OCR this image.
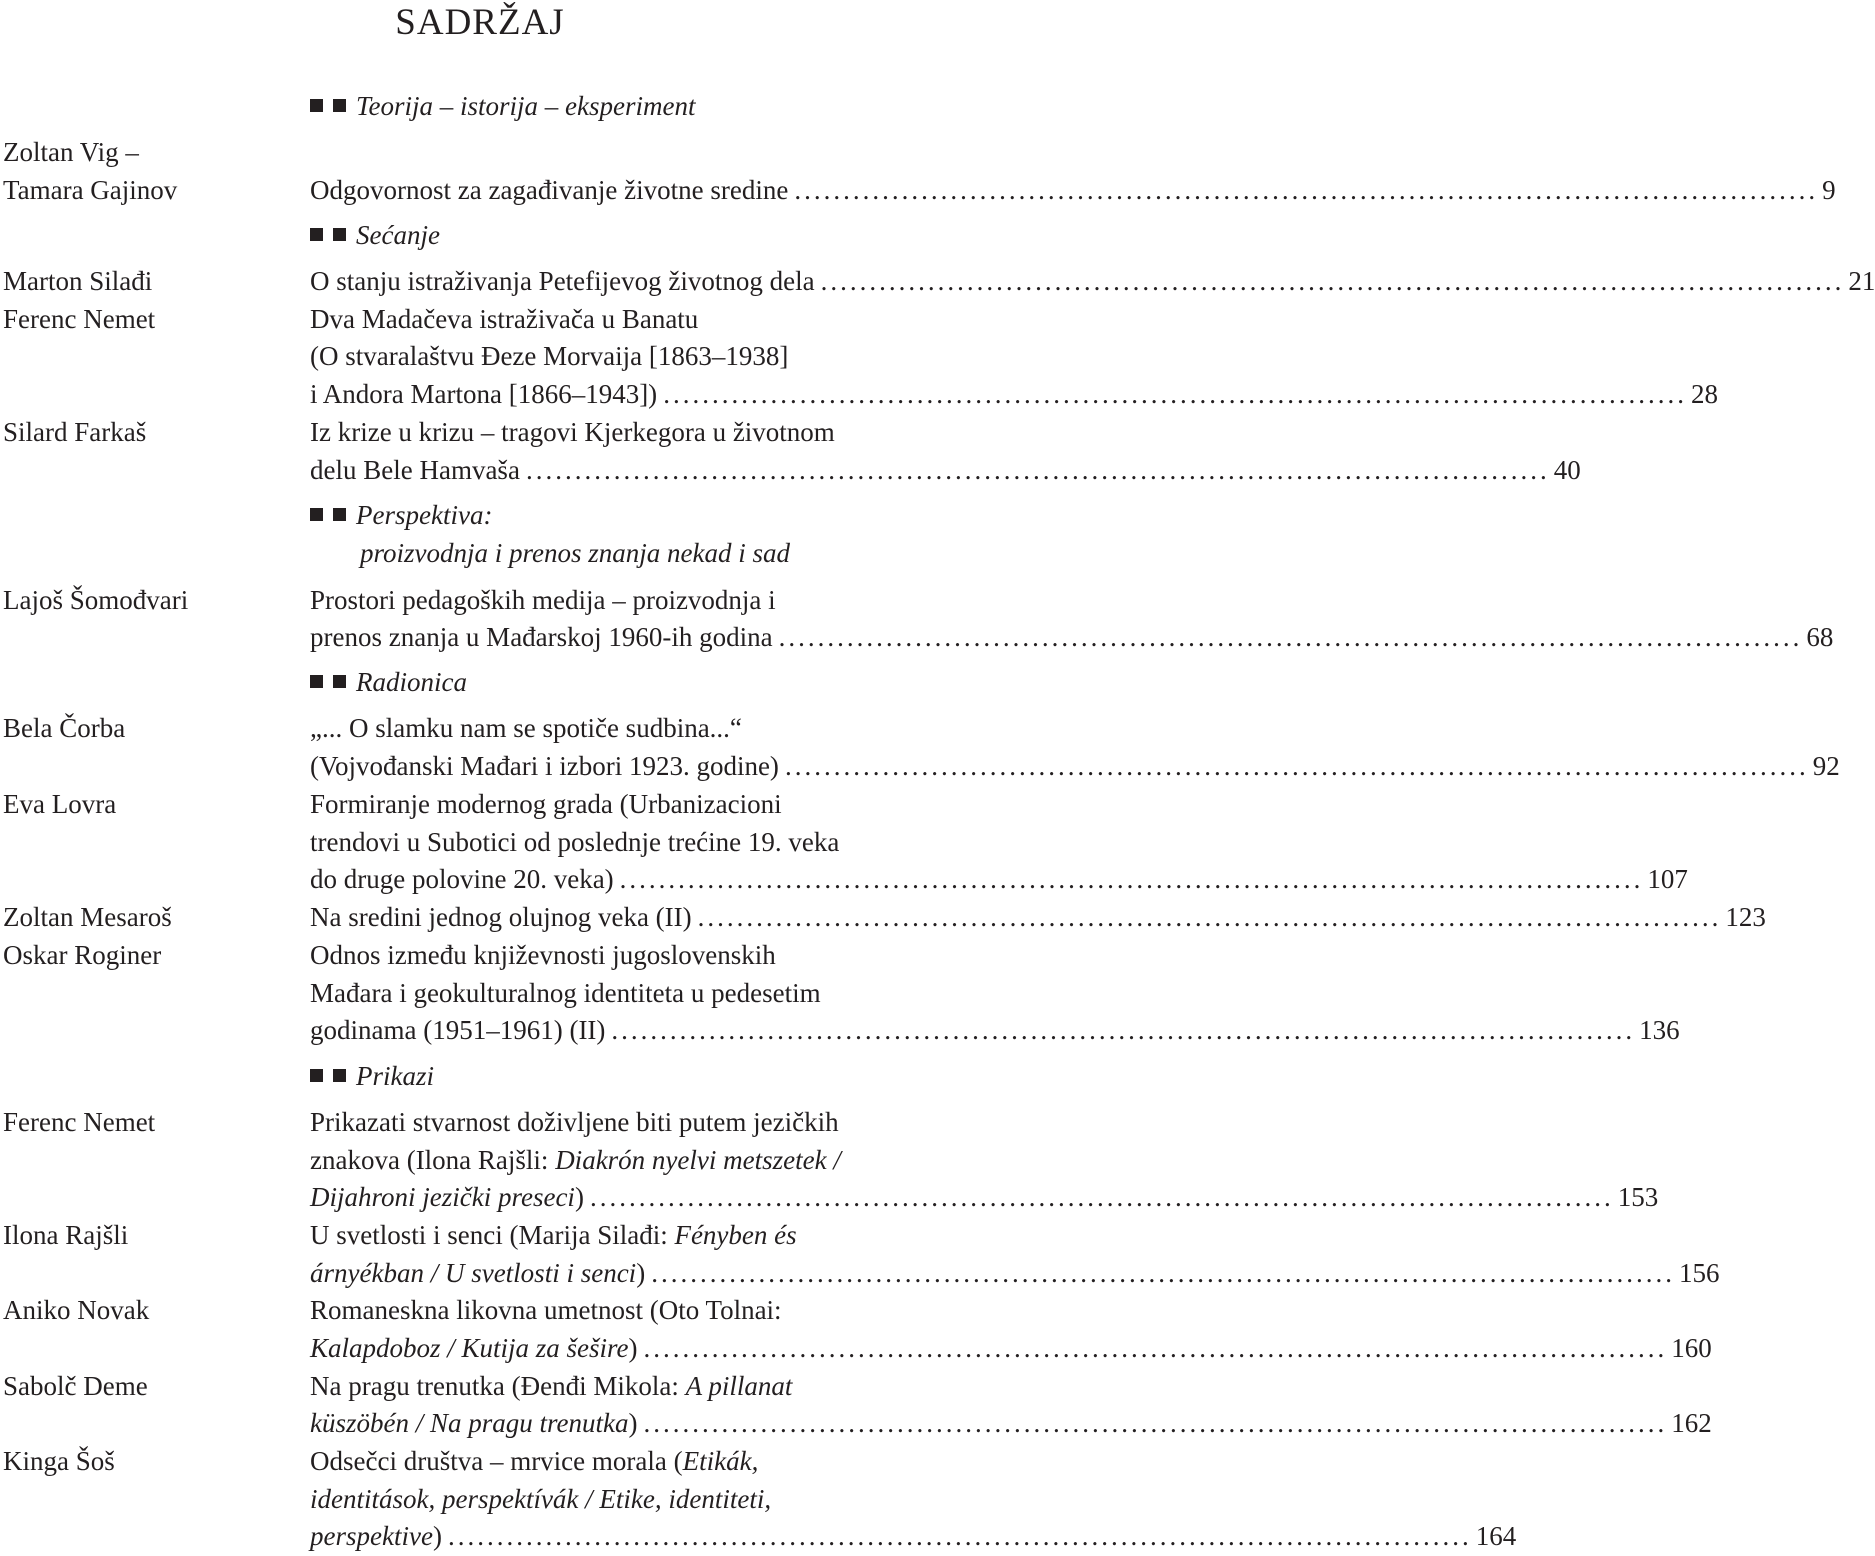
SADRŽAJ
Teorija – istorija – eksperiment
Zoltan Vig –
Tamara Gajinov	Odgovornost za zagađivanje životne sredine ......................................................................................................... 9
Sećanje
Marton Silađi	O stanju istraživanja Petefijevog životnog dela ......................................................................................................... 21
Ferenc Nemet	Dva Madačeva istraživača u Banatu
(O stvaralaštvu Đeze Morvaija [1863–1938]
i Andora Martona [1866–1943]) ......................................................................................................... 28
Silard Farkaš	Iz krize u krizu – tragovi Kjerkegora u životnom
delu Bele Hamvaša ......................................................................................................... 40
Perspektiva:
proizvodnja i prenos znanja nekad i sad
Lajoš Šomođvari	Prostori pedagoških medija – proizvodnja i
prenos znanja u Mađarskoj 1960-ih godina ......................................................................................................... 68
Radionica
Bela Čorba	„... O slamku nam se spotiče sudbina...“
(Vojvođanski Mađari i izbori 1923. godine) ......................................................................................................... 92
Eva Lovra	Formiranje modernog grada (Urbanizacioni
trendovi u Subotici od poslednje trećine 19. veka
do druge polovine 20. veka) ......................................................................................................... 107
Zoltan Mesaroš	Na sredini jednog olujnog veka (II) ......................................................................................................... 123
Oskar Roginer	Odnos između književnosti jugoslovenskih
Mađara i geokulturalnog identiteta u pedesetim
godinama (1951–1961) (II) ......................................................................................................... 136
Prikazi
Ferenc Nemet	Prikazati stvarnost doživljene biti putem jezičkih
znakova (Ilona Rajšli: Diakrón nyelvi metszetek /
Dijahroni jezički preseci) ......................................................................................................... 153
Ilona Rajšli	U svetlosti i senci (Marija Silađi: Fényben és
árnyékban / U svetlosti i senci) ......................................................................................................... 156
Aniko Novak	Romaneskna likovna umetnost (Oto Tolnai:
Kalapdoboz / Kutija za šešire) ......................................................................................................... 160
Sabolč Deme	Na pragu trenutka (Đenđi Mikola: A pillanat
küszöbén / Na pragu trenutka) ......................................................................................................... 162
Kinga Šoš	Odsečci društva – mrvice morala (Etikák,
identitások, perspektívák / Etike, identiteti,
perspektive) ......................................................................................................... 164
